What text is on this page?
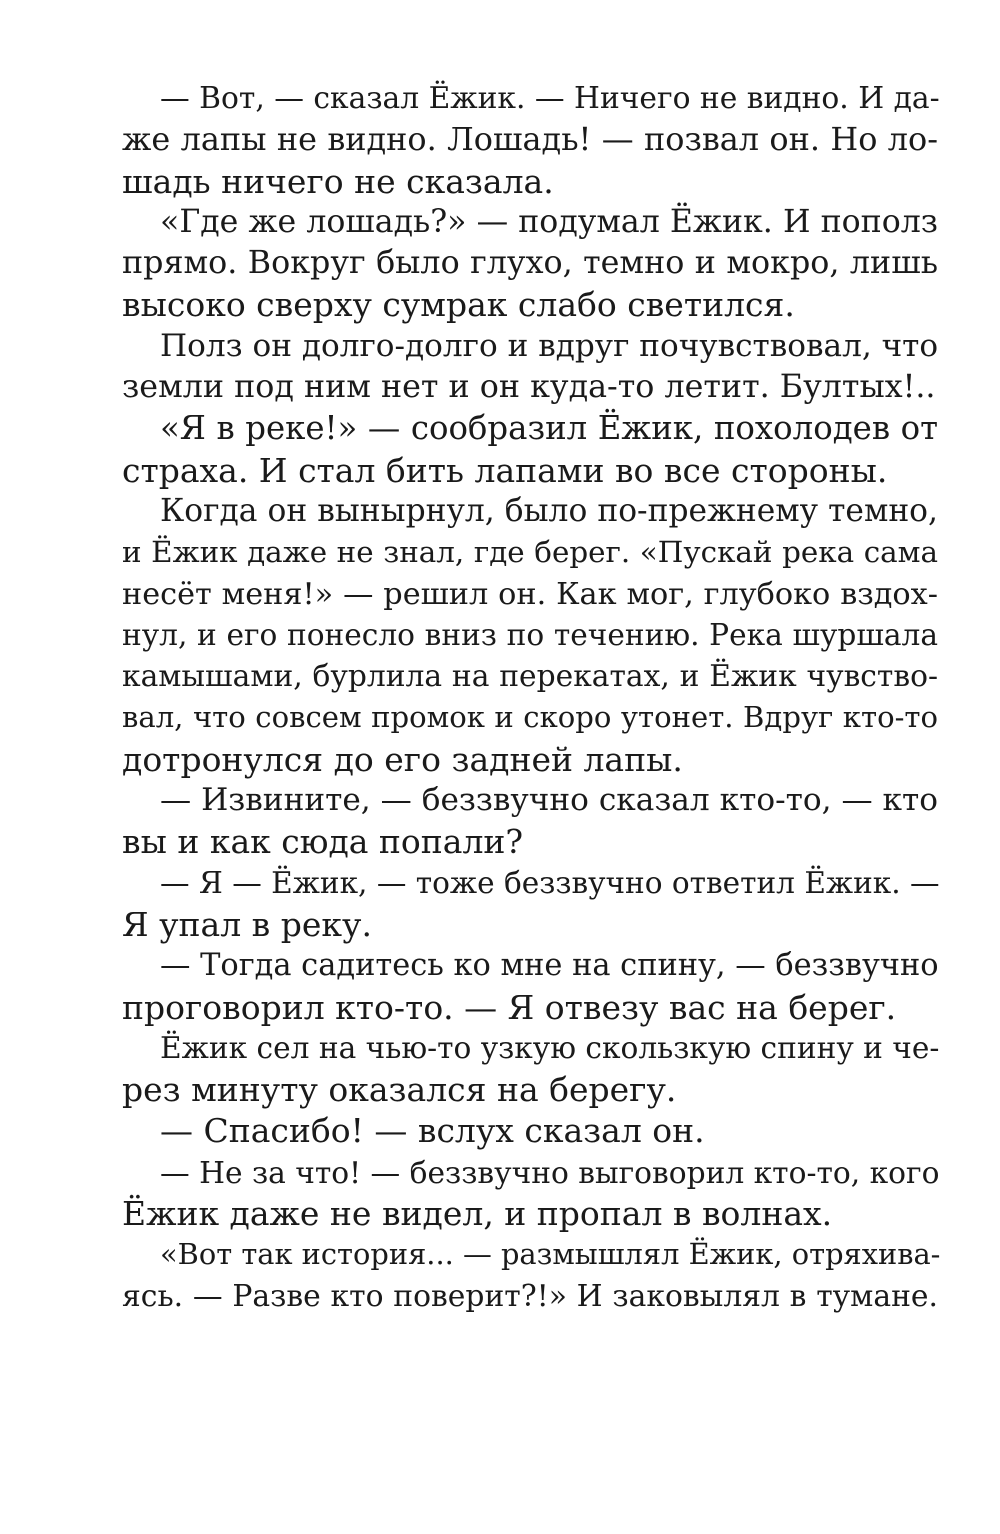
— Вот, — сказал Ёжик. — Ничего не видно. И да-
же лапы не видно. Лошадь! — позвал он. Но ло-
шадь ничего не сказала.
«Где же лошадь?» — подумал Ёжик. И пополз
прямо. Вокруг было глухо, темно и мокро, лишь
высоко сверху сумрак слабо светился.
Полз он долго-долго и вдруг почувствовал, что
земли под ним нет и он куда-то летит. Бултых!..
«Я в реке!» — сообразил Ёжик, похолодев от
страха. И стал бить лапами во все стороны.
Когда он вынырнул, было по-прежнему темно,
и Ёжик даже не знал, где берег. «Пускай река сама
несёт меня!» — решил он. Как мог, глубоко вздох-
нул, и его понесло вниз по течению. Река шуршала
камышами, бурлила на перекатах, и Ёжик чувство-
вал, что совсем промок и скоро утонет. Вдруг кто-то
дотронулся до его задней лапы.
— Извините, — беззвучно сказал кто-то, — кто
вы и как сюда попали?
— Я — Ёжик, — тоже беззвучно ответил Ёжик. —
Я упал в реку.
— Тогда садитесь ко мне на спину, — беззвучно
проговорил кто-то. — Я отвезу вас на берег.
Ёжик сел на чью-то узкую скользкую спину и че-
рез минуту оказался на берегу.
— Спасибо! — вслух сказал он.
— Не за что! — беззвучно выговорил кто-то, кого
Ёжик даже не видел, и пропал в волнах.
«Вот так история... — размышлял Ёжик, отряхива-
ясь. — Разве кто поверит?!» И заковылял в тумане.
